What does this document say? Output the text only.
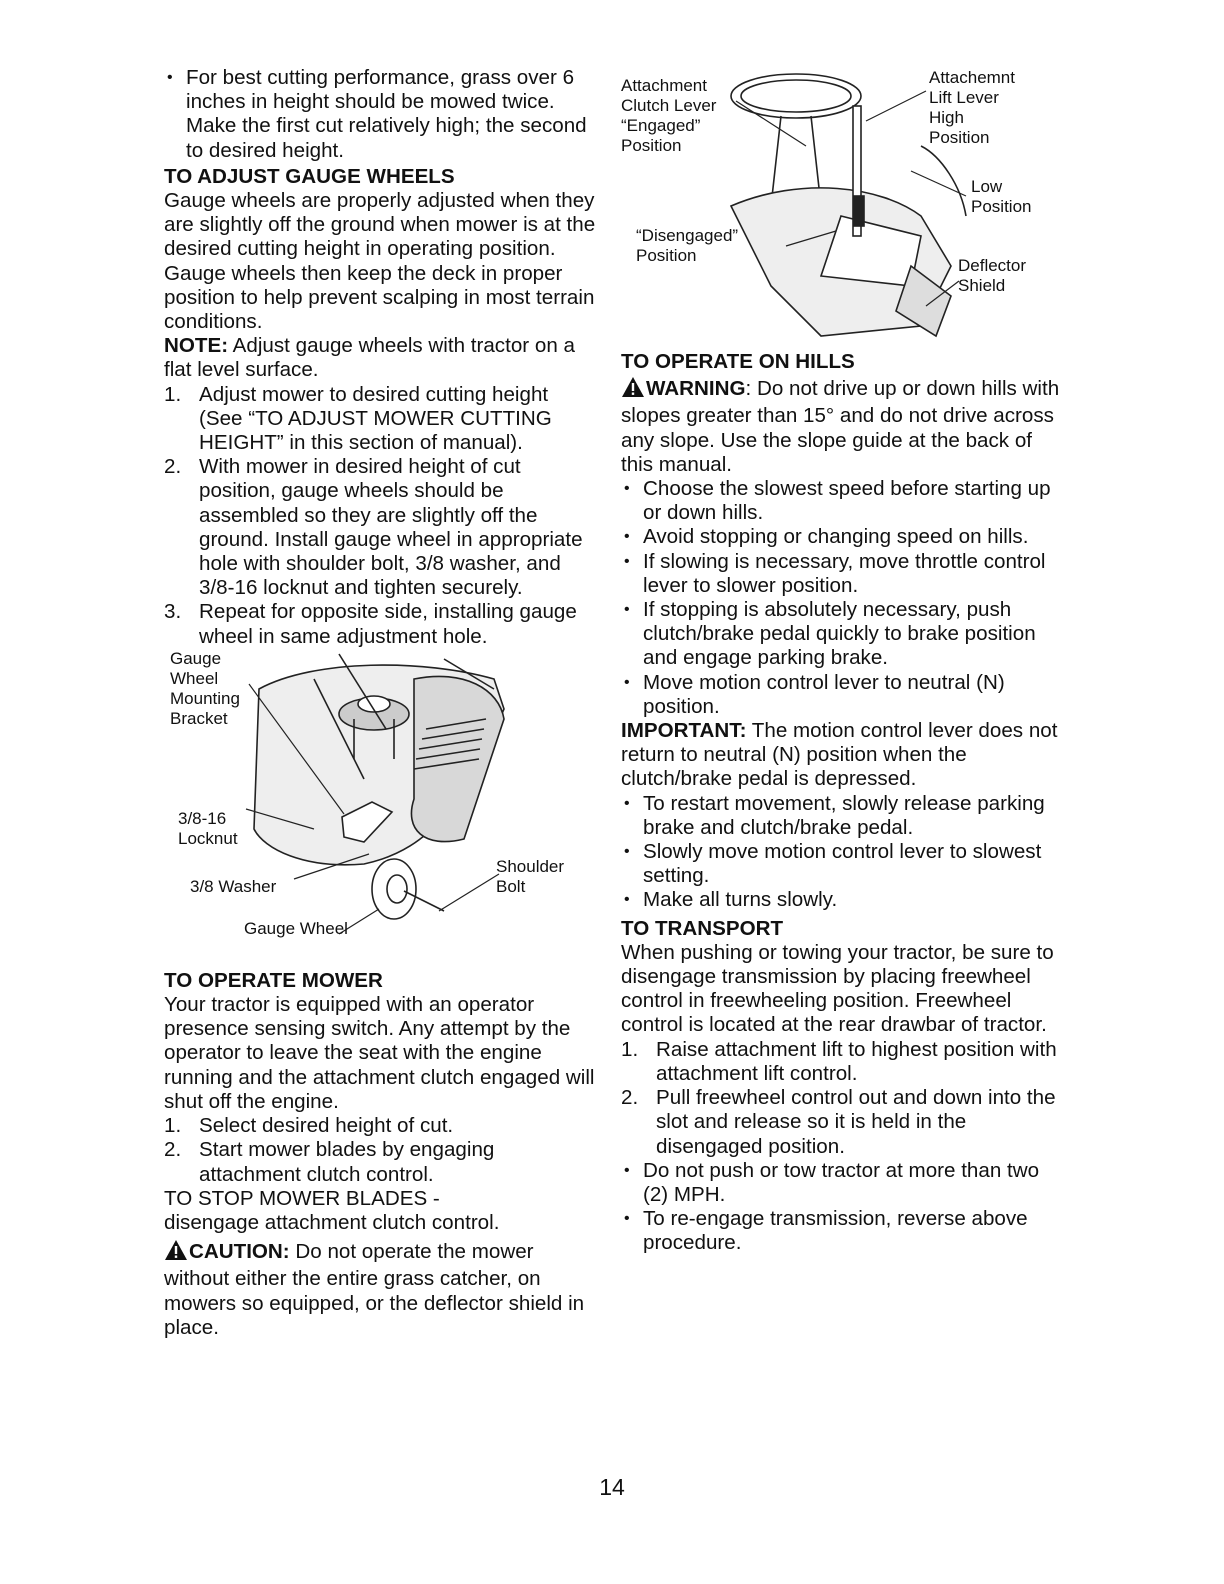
• For best cutting performance, grass over 6 inches in height should be mowed twice. Make the first cut relatively high; the second to desired height.
TO ADJUST GAUGE WHEELS

Gauge wheels are properly adjusted when they are slightly off the ground when mower is at the desired cutting height in operating position. Gauge wheels then keep the deck in proper position to help prevent scalping in most terrain conditions.

NOTE: Adjust gauge wheels with tractor on a flat level surface.

1. Adjust mower to desired cutting height (See “TO ADJUST MOWER CUTTING HEIGHT” in this section of manual).
2. With mower in desired height of cut position, gauge wheels should be assembled so they are slightly off the ground. Install gauge wheel in appropriate hole with shoulder bolt, 3/8 washer, and 3/8-16 locknut and tighten securely.
3. Repeat for opposite side, installing gauge wheel in same adjustment hole.
Gauge
Wheel
Mounting
Bracket
3/8-16
Locknut
3/8 Washer
Shoulder
Bolt
Gauge Wheel
TO OPERATE MOWER

Your tractor is equipped with an operator presence sensing switch. Any attempt by the operator to leave the seat with the engine running and the attachment clutch engaged will shut off the engine.

1. Select desired height of cut.
2. Start mower blades by engaging attachment clutch control.

TO STOP MOWER BLADES -

disengage attachment clutch control.

CAUTION: Do not operate the mower without either the entire grass catcher, on mowers so equipped, or the deflector shield in place.

Attachment
Clutch Lever
“Engaged”
Position
Attachemnt
Lift Lever
High
Position
Low
Position
“Disengaged”
Position
Deflector
Shield
TO OPERATE ON HILLS

WARNING: Do not drive up or down hills with slopes greater than 15° and do not drive across any slope. Use the slope guide at the back of this manual.

• Choose the slowest speed before starting up or down hills.
• Avoid stopping or changing speed on hills.
• If slowing is necessary, move throttle control lever to slower position.
• If stopping is absolutely necessary, push clutch/brake pedal quickly to brake position and engage parking brake.
• Move motion control lever to neutral (N) position.

IMPORTANT: The motion control lever does not return to neutral (N) position when the clutch/brake pedal is depressed.

• To restart movement, slowly release parking brake and clutch/brake pedal.
• Slowly move motion control lever to slowest setting.
• Make all turns slowly.
TO TRANSPORT

When pushing or towing your tractor, be sure to disengage transmission by placing freewheel control in freewheeling position. Freewheel control is located at the rear drawbar of tractor.

1. Raise attachment lift to highest position with attachment lift control.
2. Pull freewheel control out and down into the slot and release so it is held in the disengaged position.
• Do not push or tow tractor at more than two (2) MPH.
• To re-engage transmission, reverse above procedure.
14
